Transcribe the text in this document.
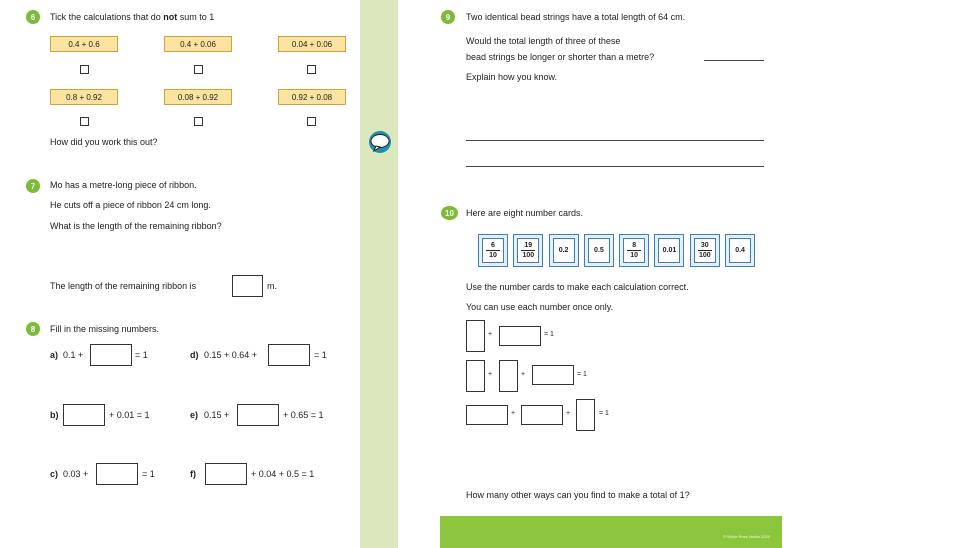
6	Tick the calculations that do not sum to 1
0.4 + 0.6	0.4 + 0.06	0.04 + 0.06
0.8 + 0.92	0.08 + 0.92	0.92 + 0.08
How did you work this out?
7	Mo has a metre-long piece of ribbon.
He cuts off a piece of ribbon 24 cm long.
What is the length of the remaining ribbon?
The length of the remaining ribbon is	m.
8	Fill in the missing numbers.
a) 0.1 +	= 1	d) 0.15 + 0.64 +	= 1
b)	+ 0.01 = 1	e) 0.15 +	+ 0.65 = 1
c) 0.03 +	= 1	f)	+ 0.04 + 0.5 = 1
9	Two identical bead strings have a total length of 64 cm.
Would the total length of three of these
bead strings be longer or shorter than a metre?
Explain how you know.
10	Here are eight number cards.
6
10
19
100
0.2	0.5
8
10
0.01
30
100
0.4
Use the number cards to make each calculation correct.
You can use each number once only.
+	= 1
+	+	= 1
+	+	= 1
How many other ways can you find to make a total of 1?
© White Rose Maths 2020
